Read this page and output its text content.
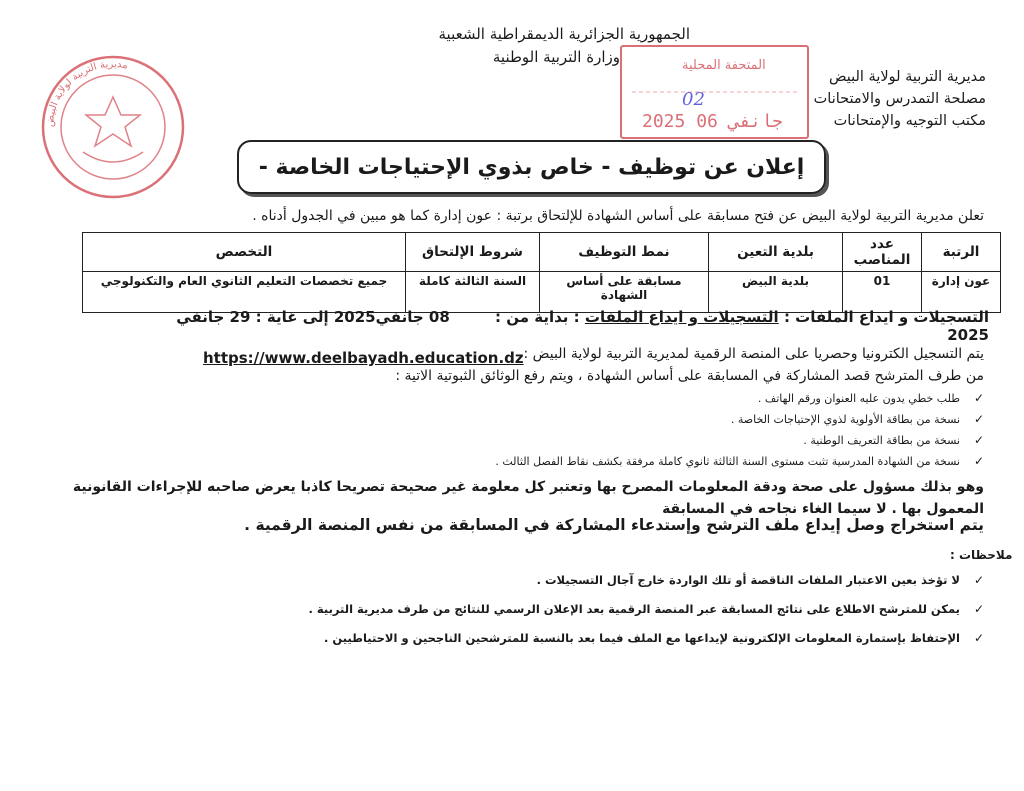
الجمهورية الجزائرية الديمقراطية الشعبية
وزارة التربية الوطنية
مديرية التربية لولاية البيض
مصلحة التمدرس والامتحانات
مكتب التوجيه والإمتحانات
مديرية التربية لولاية البيض
2025 جانفي 06
02
المتحفة المحلية
إعلان عن توظيف - خاص بذوي الإحتياجات الخاصة -
تعلن مديرية التربية لولاية البيض عن فتح مسابقة على أساس الشهادة للإلتحاق برتبة : عون إدارة كما هو مبين في الجدول أدناه .
الرتبة	عدد المناصب	بلدية التعين	نمط التوظيف	شروط الإلتحاق	التخصص
عون إدارة	01	بلدية البيض	مسابقة على أساس الشهادة	السنة الثالثة كاملة	جميع تخصصات التعليم الثانوي العام والتكنولوجي
التسجيلات و ايداع الملفات : التسجيلات و ايداع الملفات : بداية من : 08 جانفي2025 إلى غاية : 29 جانفي 2025
يتم التسجيل الكترونيا وحصريا على المنصة الرقمية لمديرية التربية لولاية البيض :
https://www.deelbayadh.education.dz
من طرف المترشح قصد المشاركة في المسابقة على أساس الشهادة ، ويتم رفع الوثائق الثبوتية الاتية :
✓طلب خطي يدون عليه العنوان ورقم الهاتف .
✓نسخة من بطاقة الأولوية لذوي الإحتياجات الخاصة .
✓نسخة من بطاقة التعريف الوطنية .
✓نسخة من الشهادة المدرسية تثبت مستوى السنة الثالثة ثانوي كاملة مرفقة بكشف نقاط الفصل الثالث .
وهو بذلك مسؤول على صحة ودقة المعلومات المصرح بها وتعتبر كل معلومة غير صحيحة تصريحا كاذبا يعرض صاحبه للإجراءات القانونية المعمول بها . لا سيما الغاء نجاحه في المسابقة
يتم استخراج وصل إيداع ملف الترشح وإستدعاء المشاركة في المسابقة من نفس المنصة الرقمية .
ملاحظات :
✓لا تؤخذ بعين الاعتبار الملفات الناقصة أو تلك الواردة خارج آجال التسجيلات .
✓يمكن للمترشح الاطلاع على نتائج المسابقة عبر المنصة الرقمية بعد الإعلان الرسمي للنتائج من طرف مديرية التربية .
✓الإحتفاظ بإستمارة المعلومات الإلكترونية لإيداعها مع الملف فيما بعد بالنسبة للمترشحين الناجحين و الاحتياطيين .
